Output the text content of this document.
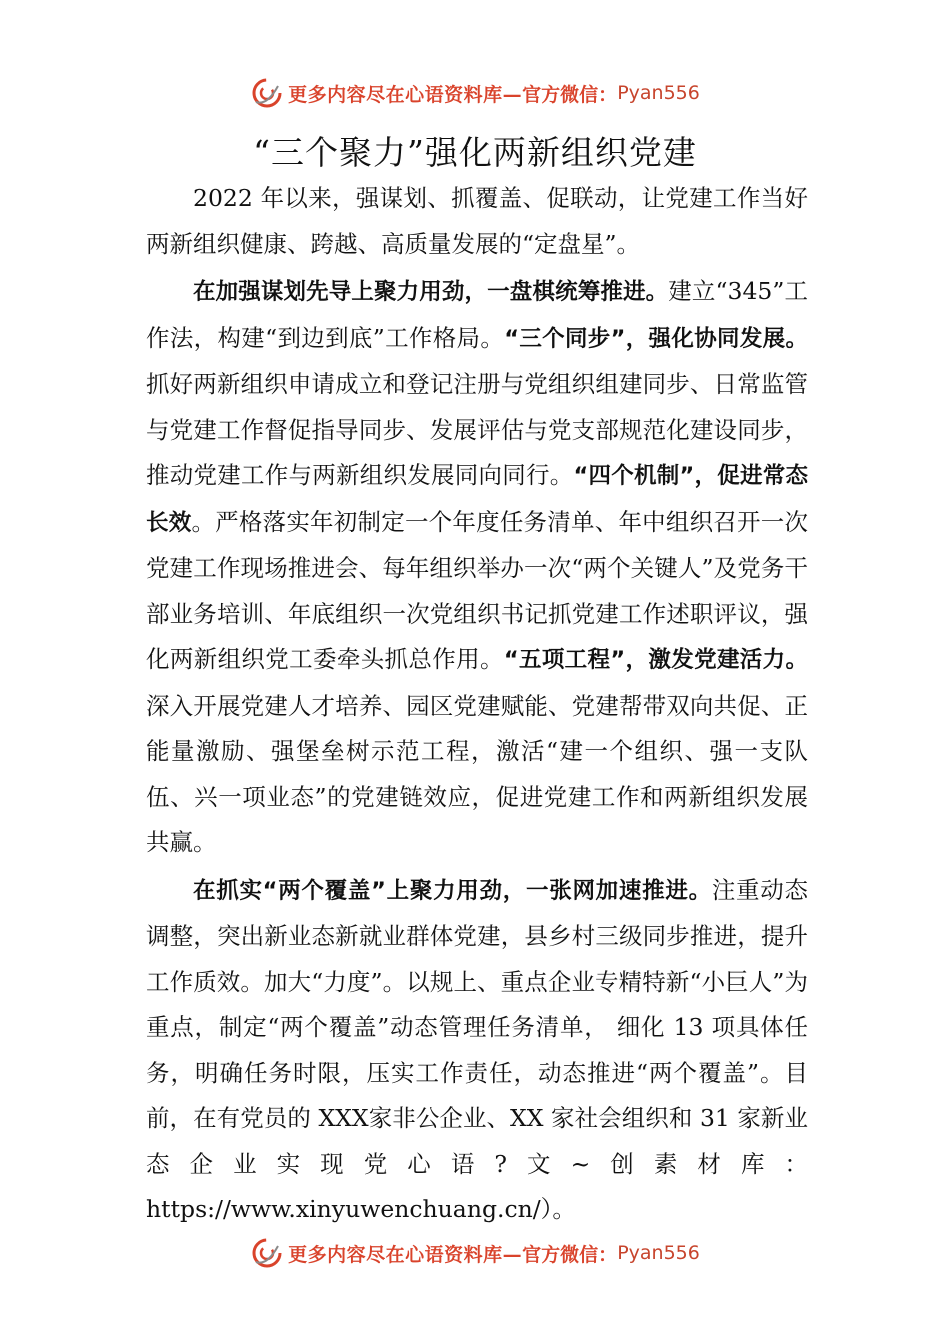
更多内容尽在心语资料库— 官方微信： Pyan556
“三个聚力”强化两新组织党建

2022 年以来，强谋划、抓覆盖、促联动，让党建工作当好两新组织健康、跨越、高质量发展的“定盘星”。

在加强谋划先导上聚力用劲，一盘棋统筹推进。建立“345”工作法，构建“到边到底”工作格局。“三个同步”，强化协同发展。抓好两新组织申请成立和登记注册与党组织组建同步、日常监管与党建工作督促指导同步、发展评估与党支部规范化建设同步，推动党建工作与两新组织发展同向同行。“四个机制”，促进常态长效。严格落实年初制定一个年度任务清单、年中组织召开一次党建工作现场推进会、每年组织举办一次“两个关键人”及党务干部业务培训、年底组织一次党组织书记抓党建工作述职评议，强化两新组织党工委牵头抓总作用。“五项工程”，激发党建活力。深入开展党建人才培养、园区党建赋能、党建帮带双向共促、正能量激励、强堡垒树示范工程，激活“建一个组织、强一支队伍、兴一项业态”的党建链效应，促进党建工作和两新组织发展共赢。

在抓实“两个覆盖”上聚力用劲，一张网加速推进。注重动态调整，突出新业态新就业群体党建，县乡村三级同步推进，提升工作质效。加大“力度”。以规上、重点企业专精特新“小巨人”为重点，制定“两个覆盖”动态管理任务清单， 细化 13 项具体任务，明确任务时限，压实工作责任，动态推进“两个覆盖”。目前，在有党员的 XXX家非公企业、XX 家社会组织和 31 家新业态企业实现党心语?文~创素材库：https://www.xinyuwenchuang.cn/）。

更多内容尽在心语资料库— 官方微信： Pyan556
